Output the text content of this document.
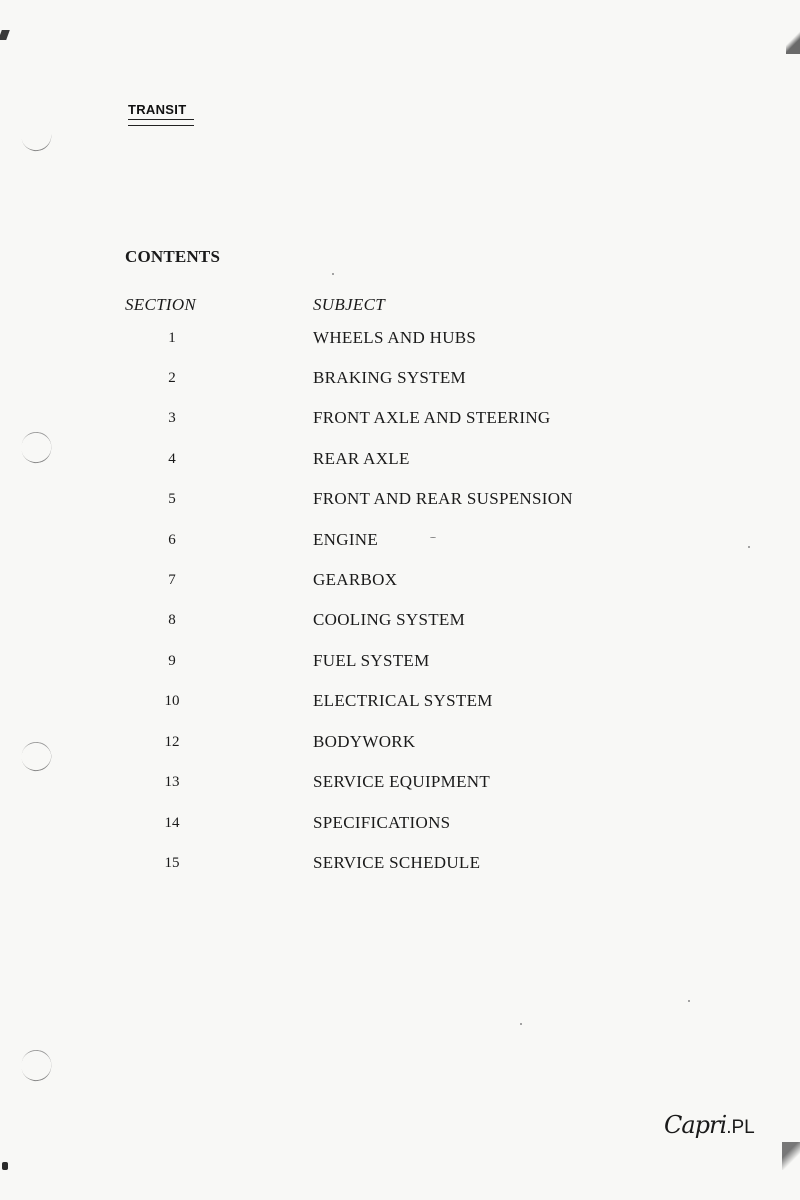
TRANSIT
CONTENTS
SECTION	SUBJECT
1	WHEELS AND HUBS
2	BRAKING SYSTEM
3	FRONT AXLE AND STEERING
4	REAR AXLE
5	FRONT AND REAR SUSPENSION
6	ENGINE
7	GEARBOX
8	COOLING SYSTEM
9	FUEL SYSTEM
10	ELECTRICAL SYSTEM
12	BODYWORK
13	SERVICE EQUIPMENT
14	SPECIFICATIONS
15	SERVICE SCHEDULE
Capri.PL
